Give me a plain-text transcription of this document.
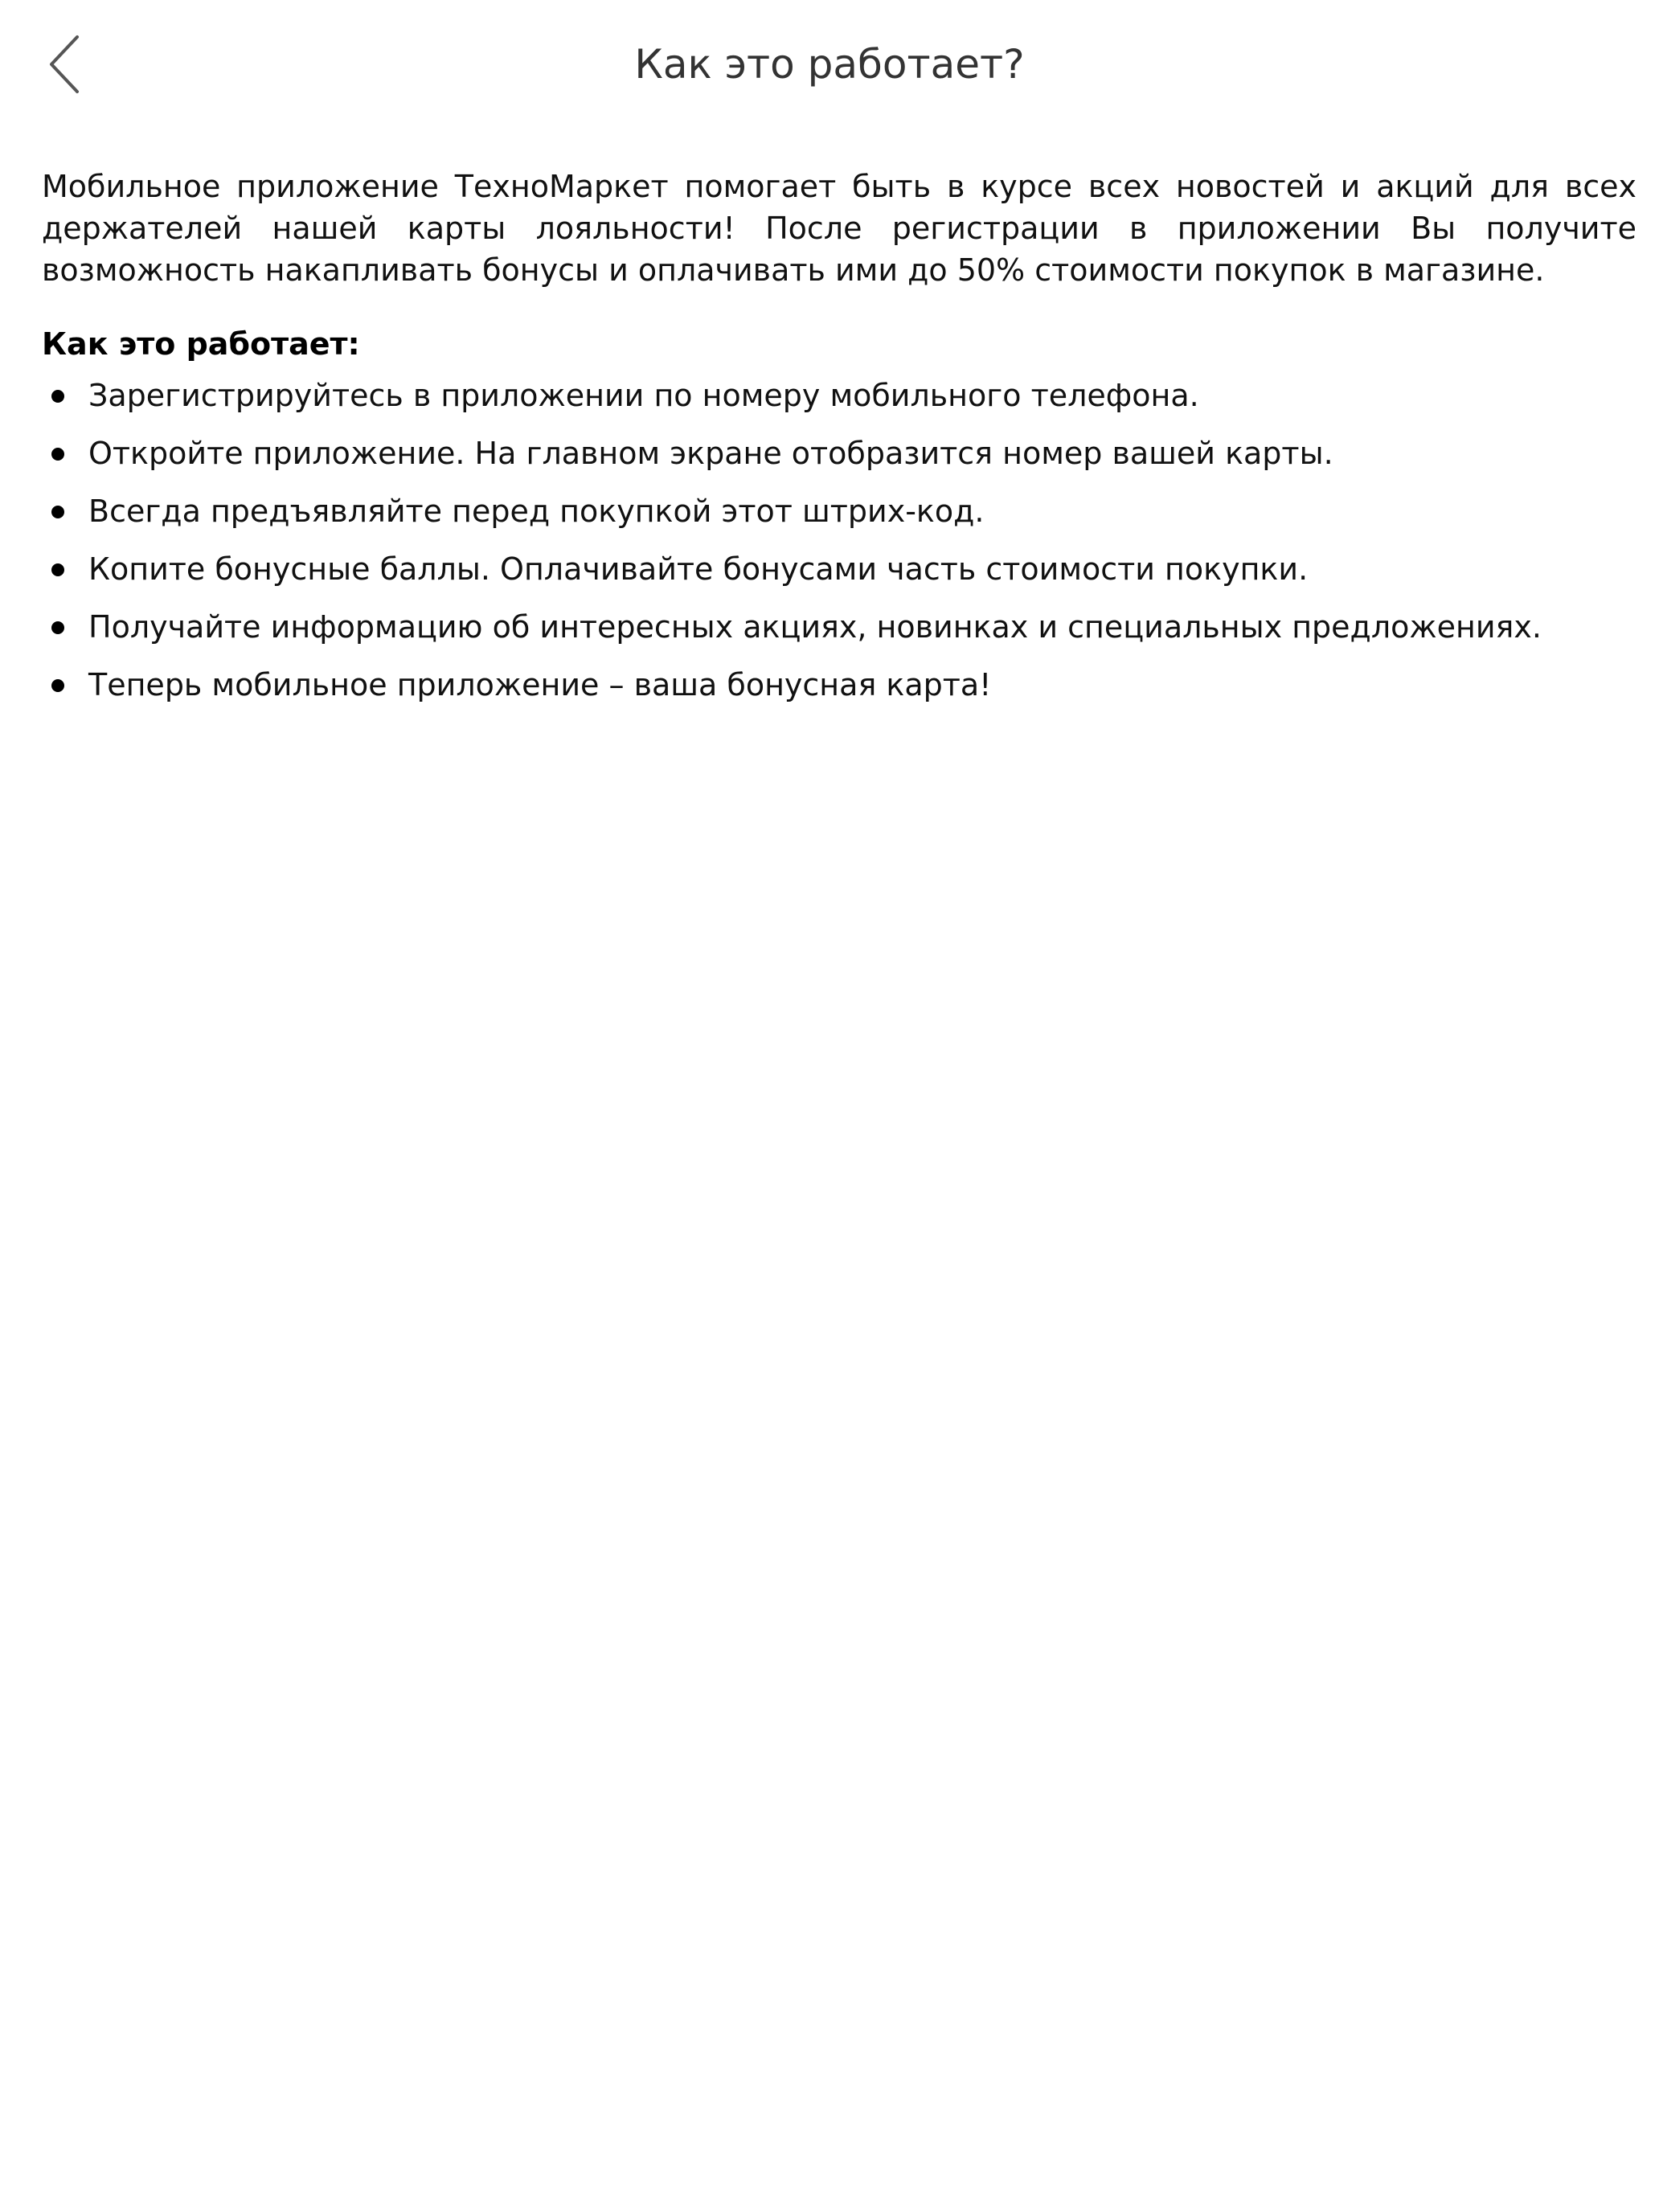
Как это работает?

Мобильное приложение ТехноМаркет помогает быть в курсе всех новостей и акций для всех держателей нашей карты лояльности! После регистрации в приложении Вы получите возможность накапливать бонусы и оплачивать ими до 50% стоимости покупок в магазине.

Как это работает:
Зарегистрируйтесь в приложении по номеру мобильного телефона.
Откройте приложение. На главном экране отобразится номер вашей карты.
Всегда предъявляйте перед покупкой этот штрих-код.
Копите бонусные баллы. Оплачивайте бонусами часть стоимости покупки.
Получайте информацию об интересных акциях, новинках и специальных предложениях.
Теперь мобильное приложение – ваша бонусная карта!
